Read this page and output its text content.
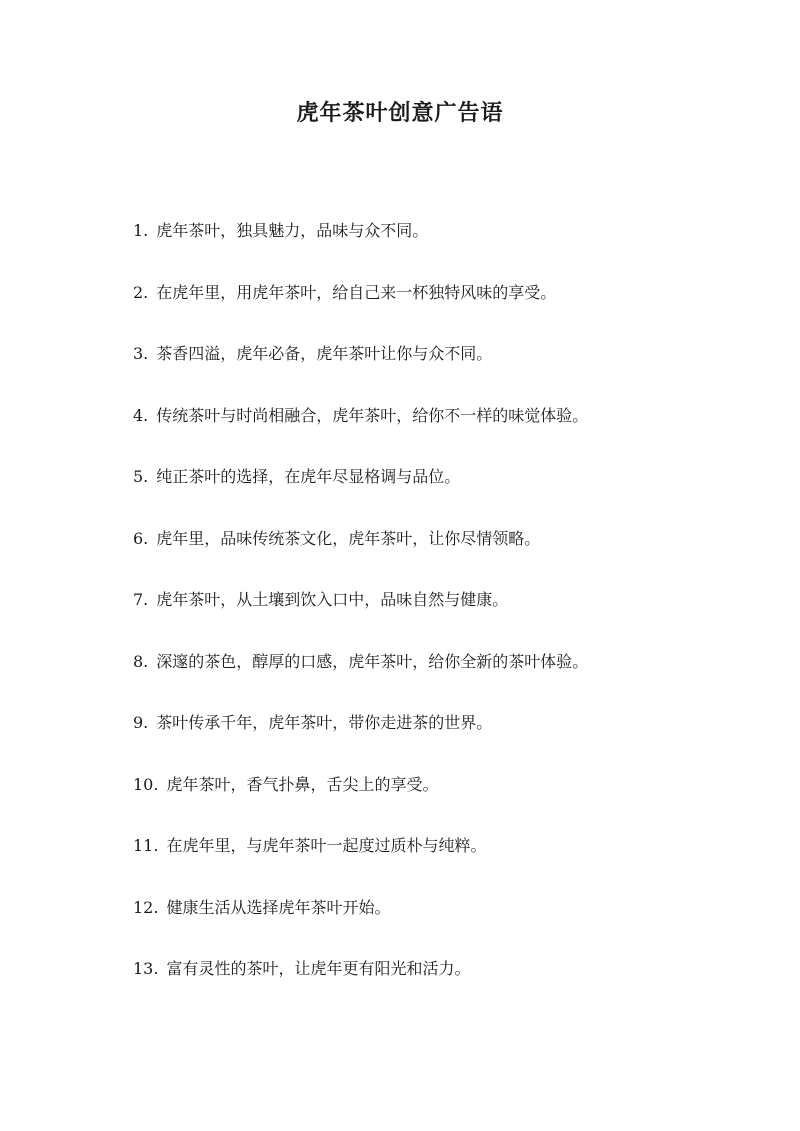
虎年茶叶创意广告语
1. 虎年茶叶，独具魅力，品味与众不同。
2. 在虎年里，用虎年茶叶，给自己来一杯独特风味的享受。
3. 茶香四溢，虎年必备，虎年茶叶让你与众不同。
4. 传统茶叶与时尚相融合，虎年茶叶，给你不一样的味觉体验。
5. 纯正茶叶的选择，在虎年尽显格调与品位。
6. 虎年里，品味传统茶文化，虎年茶叶，让你尽情领略。
7. 虎年茶叶，从土壤到饮入口中，品味自然与健康。
8. 深邃的茶色，醇厚的口感，虎年茶叶，给你全新的茶叶体验。
9. 茶叶传承千年，虎年茶叶，带你走进茶的世界。
10. 虎年茶叶，香气扑鼻，舌尖上的享受。
11. 在虎年里，与虎年茶叶一起度过质朴与纯粹。
12. 健康生活从选择虎年茶叶开始。
13. 富有灵性的茶叶，让虎年更有阳光和活力。
